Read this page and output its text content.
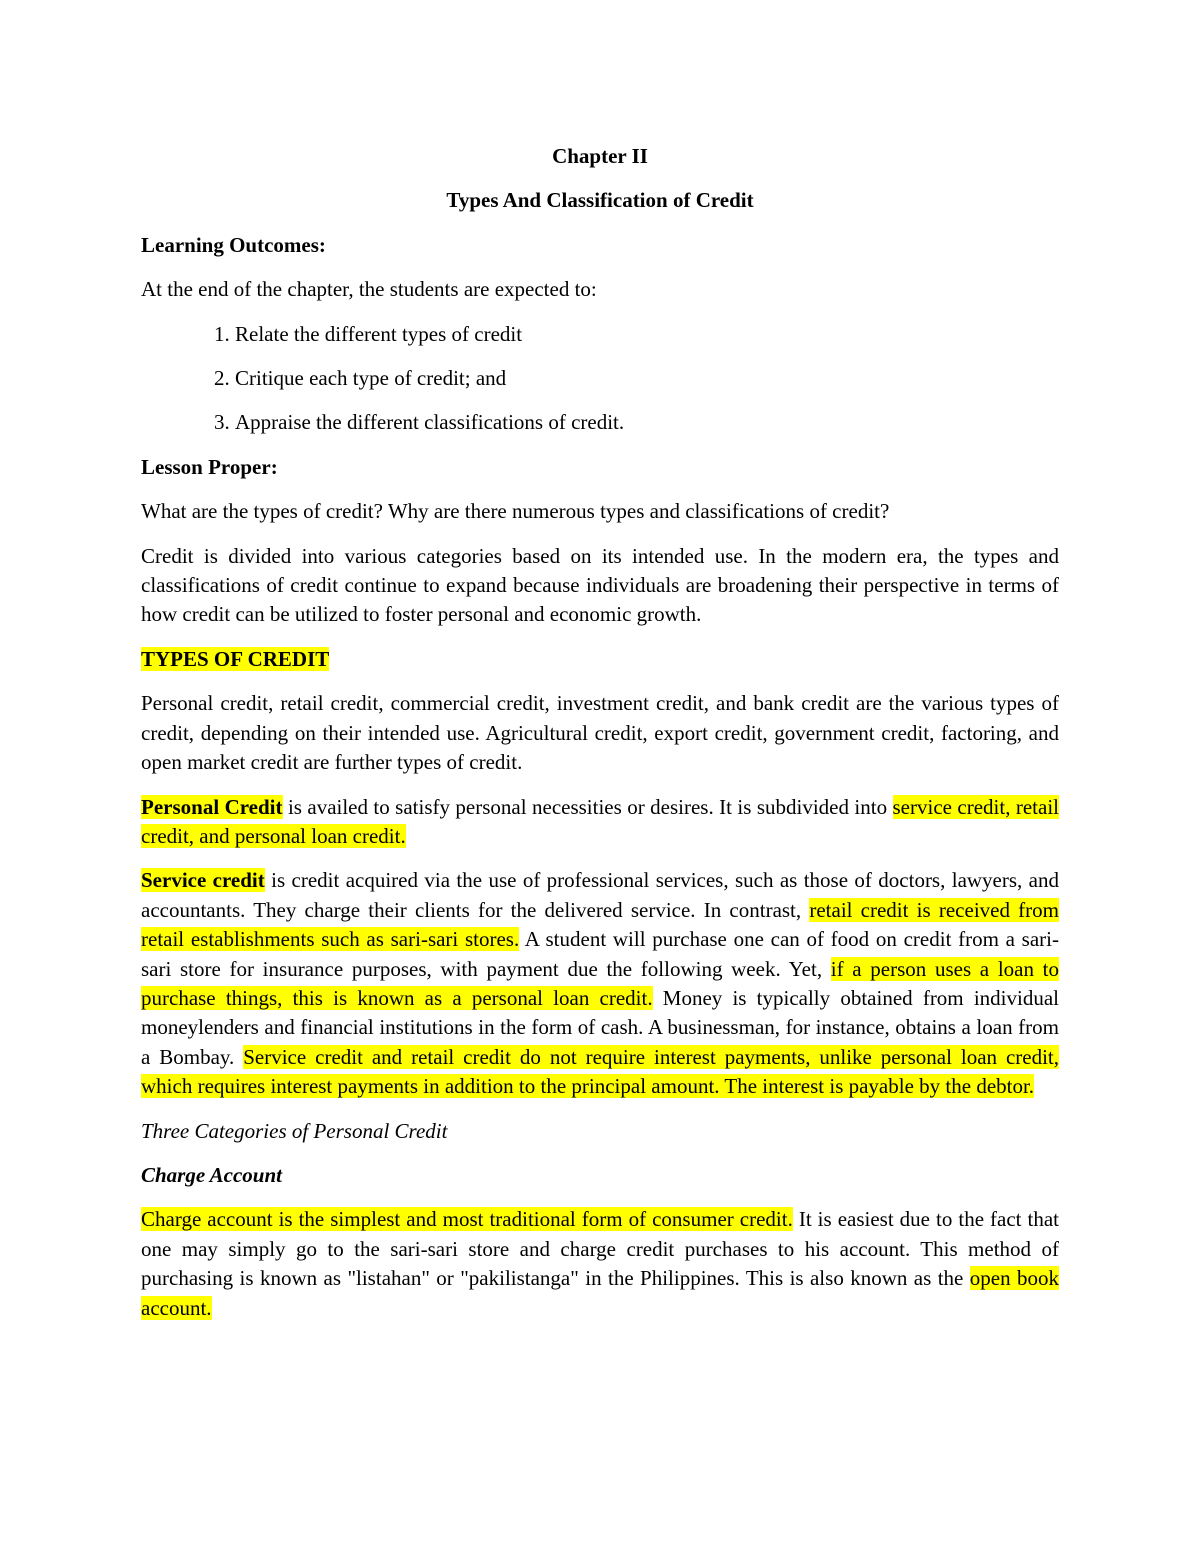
Chapter II

Types And Classification of Credit

Learning Outcomes:

At the end of the chapter, the students are expected to:

1. Relate the different types of credit
2. Critique each type of credit; and
3. Appraise the different classifications of credit.

Lesson Proper:

What are the types of credit? Why are there numerous types and classifications of credit?

Credit is divided into various categories based on its intended use. In the modern era, the types and classifications of credit continue to expand because individuals are broadening their perspective in terms of how credit can be utilized to foster personal and economic growth.

TYPES OF CREDIT

Personal credit, retail credit, commercial credit, investment credit, and bank credit are the various types of credit, depending on their intended use. Agricultural credit, export credit, government credit, factoring, and open market credit are further types of credit.

Personal Credit is availed to satisfy personal necessities or desires. It is subdivided into service credit, retail credit, and personal loan credit.

Service credit is credit acquired via the use of professional services, such as those of doctors, lawyers, and accountants. They charge their clients for the delivered service. In contrast, retail credit is received from retail establishments such as sari-sari stores. A student will purchase one can of food on credit from a sari-sari store for insurance purposes, with payment due the following week. Yet, if a person uses a loan to purchase things, this is known as a personal loan credit. Money is typically obtained from individual moneylenders and financial institutions in the form of cash. A businessman, for instance, obtains a loan from a Bombay. Service credit and retail credit do not require interest payments, unlike personal loan credit, which requires interest payments in addition to the principal amount. The interest is payable by the debtor.

Three Categories of Personal Credit

Charge Account

Charge account is the simplest and most traditional form of consumer credit. It is easiest due to the fact that one may simply go to the sari-sari store and charge credit purchases to his account. This method of purchasing is known as "listahan" or "pakilistanga" in the Philippines. This is also known as the open book account.
